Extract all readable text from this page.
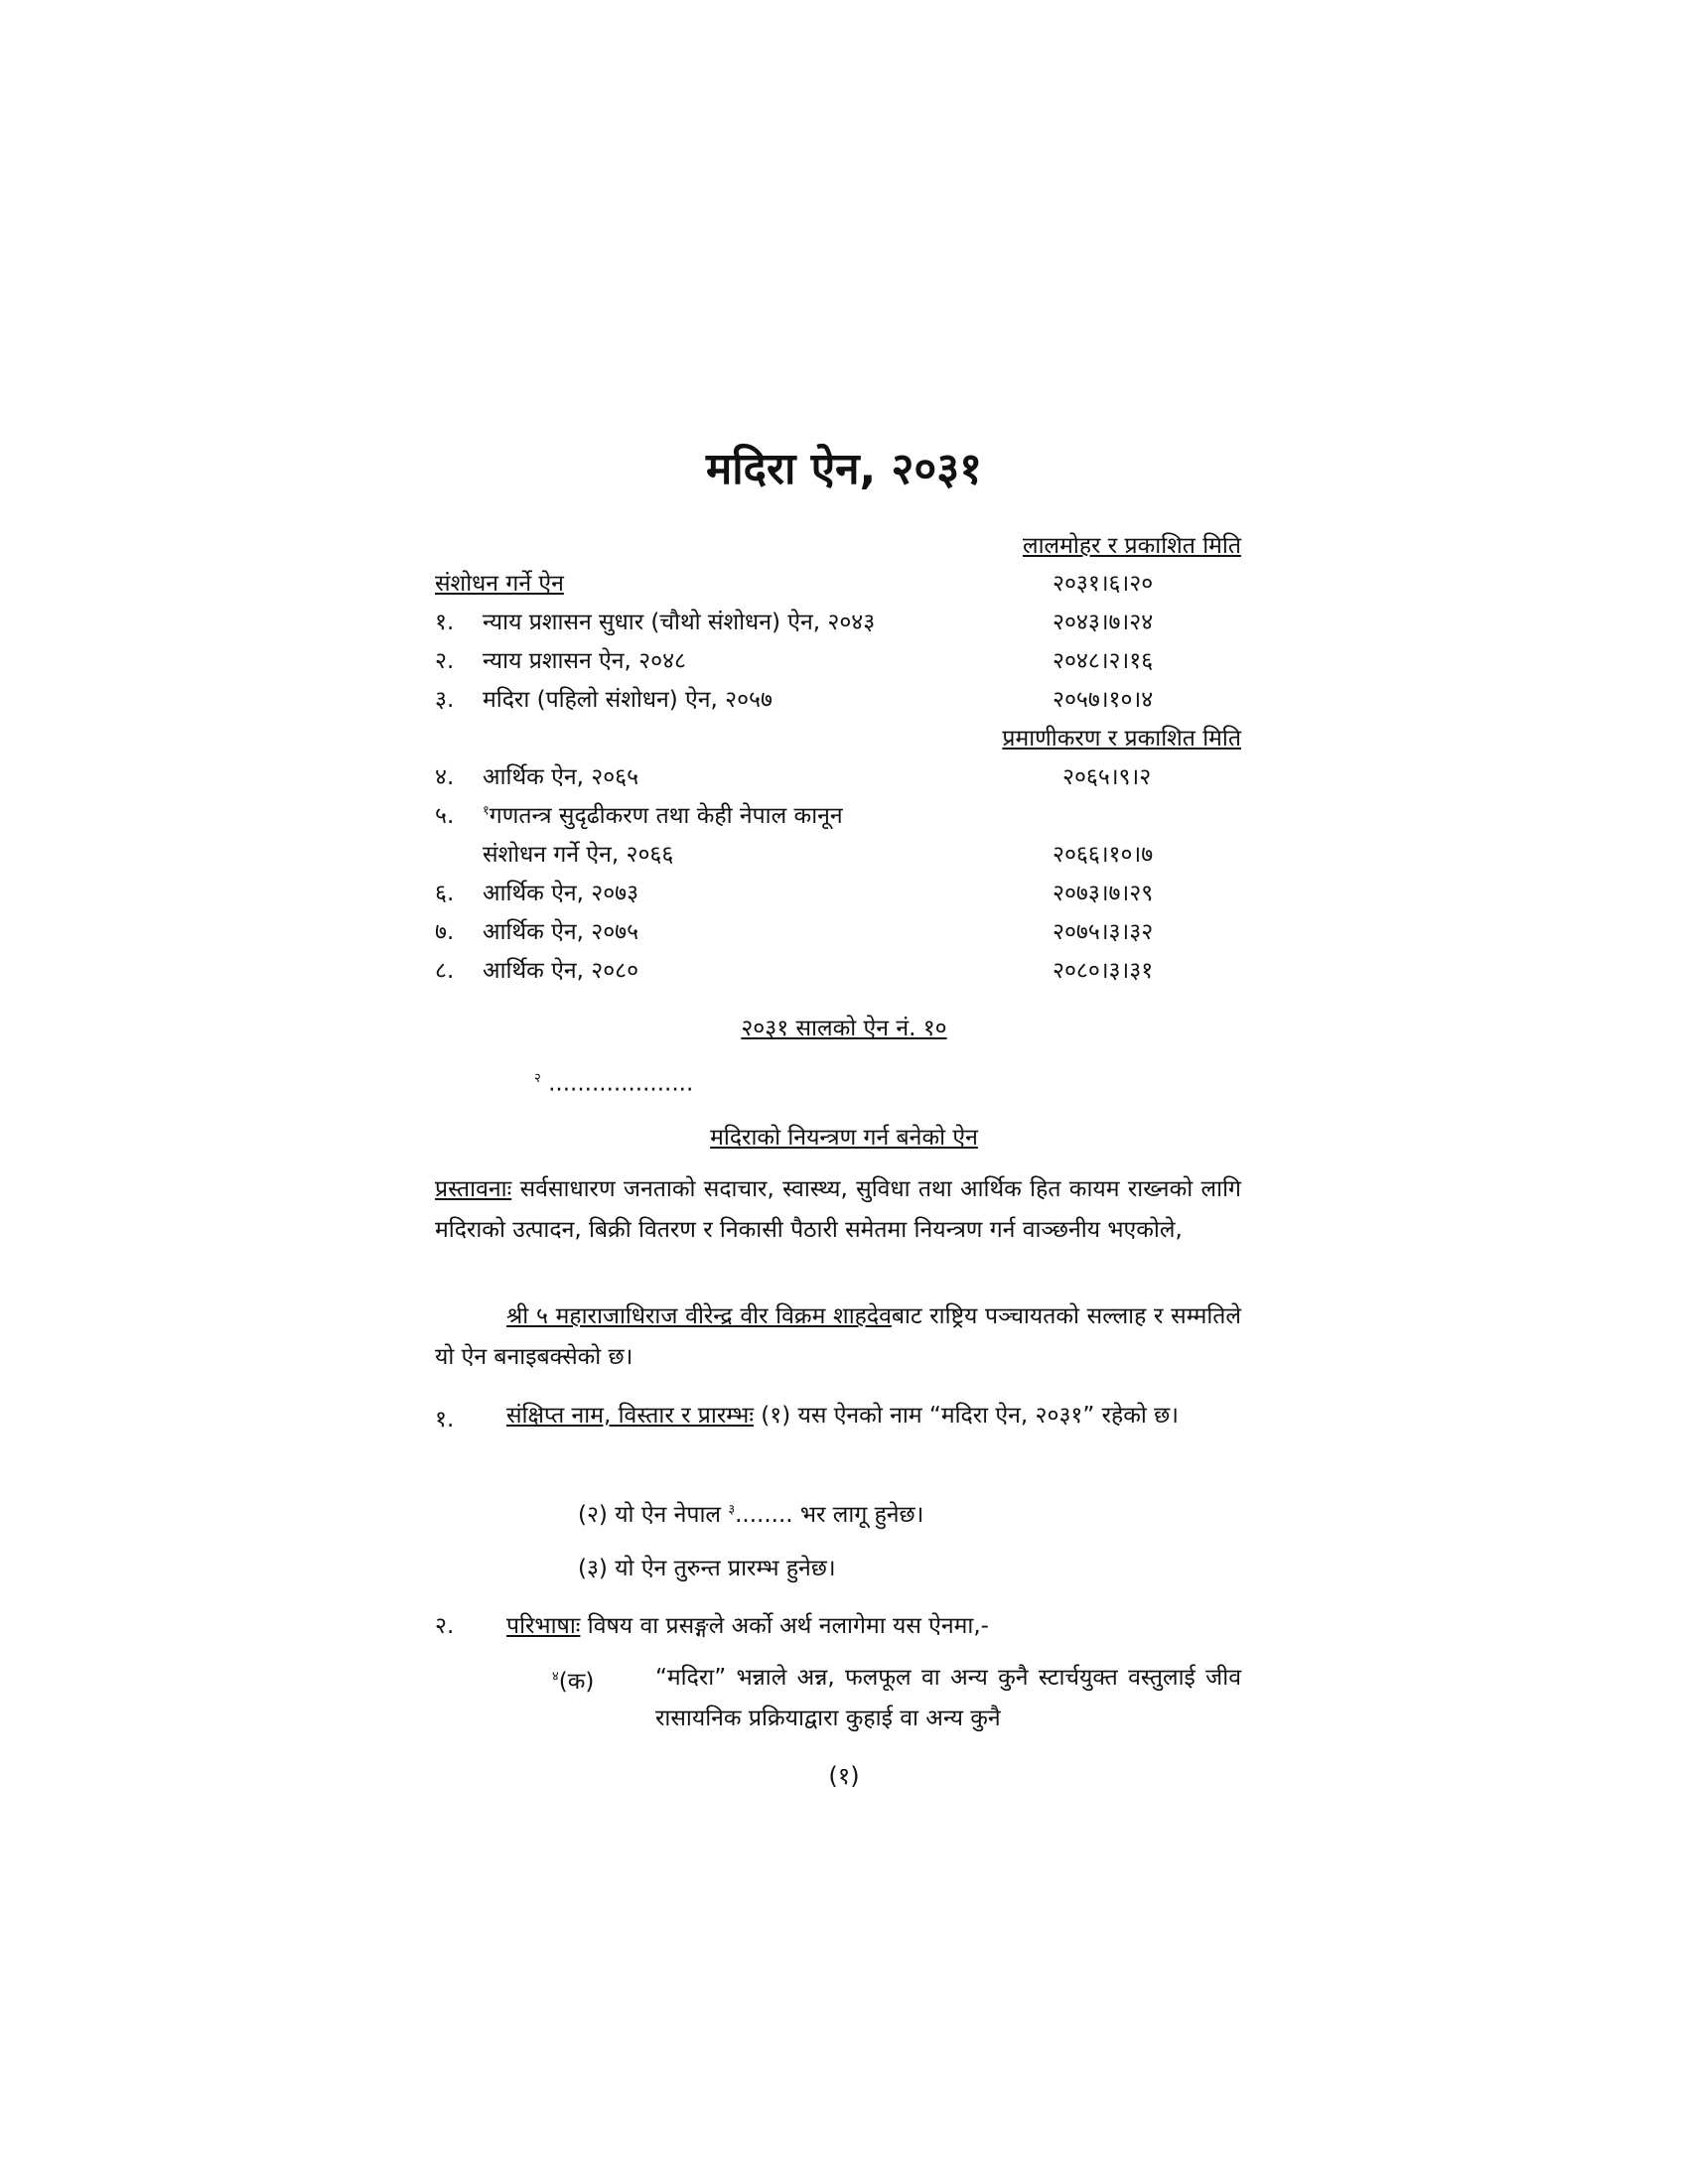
मदिरा ऐन, २०३१
लालमोहर र प्रकाशित मिति
संशोधन गर्ने ऐन	२०३१।६।२०
१. न्याय प्रशासन सुधार (चौथो संशोधन) ऐन, २०४३	२०४३।७।२४
२. न्याय प्रशासन ऐन, २०४८	२०४८।२।१६
३. मदिरा (पहिलो संशोधन) ऐन, २०५७	२०५७।१०।४
प्रमाणीकरण र प्रकाशित मिति
४. आर्थिक ऐन, २०६५	२०६५।९।२
५. $^१$गणतन्त्र सुदृढीकरण तथा केही नेपाल कानून
संशोधन गर्ने ऐन, २०६६	२०६६।१०।७
६. आर्थिक ऐन, २०७३	२०७३।७।२९
७. आर्थिक ऐन, २०७५	२०७५।३।३२
८. आर्थिक ऐन, २०८०	२०८०।३।३१
२०३१ सालको ऐन नं. १०
$^२$ ....................
मदिराको नियन्त्रण गर्न बनेको ऐन
प्रस्तावनाः सर्वसाधारण जनताको सदाचार, स्वास्थ्य, सुविधा तथा आर्थिक हित कायम राख्नको लागि मदिराको उत्पादन, बिक्री वितरण र निकासी पैठारी समेतमा नियन्त्रण गर्न वाञ्छनीय भएकोले,
श्री ५ महाराजाधिराज वीरेन्द्र वीर विक्रम शाहदेवबाट राष्ट्रिय पञ्चायतको सल्लाह र सम्मतिले यो ऐन बनाइबक्सेको छ।
१. संक्षिप्त नाम, विस्तार र प्रारम्भः (१) यस ऐनको नाम “मदिरा ऐन, २०३१” रहेको छ।
(२) यो ऐन नेपाल $^३$........ भर लागू हुनेछ।
(३) यो ऐन तुरुन्त प्रारम्भ हुनेछ।
२. परिभाषाः विषय वा प्रसङ्गले अर्को अर्थ नलागेमा यस ऐनमा,-
$^४$(क)	“मदिरा” भन्नाले अन्न, फलफूल वा अन्य कुनै स्टार्चयुक्त वस्तुलाई जीव रासायनिक प्रक्रियाद्वारा कुहाई वा अन्य कुनै
(१)
